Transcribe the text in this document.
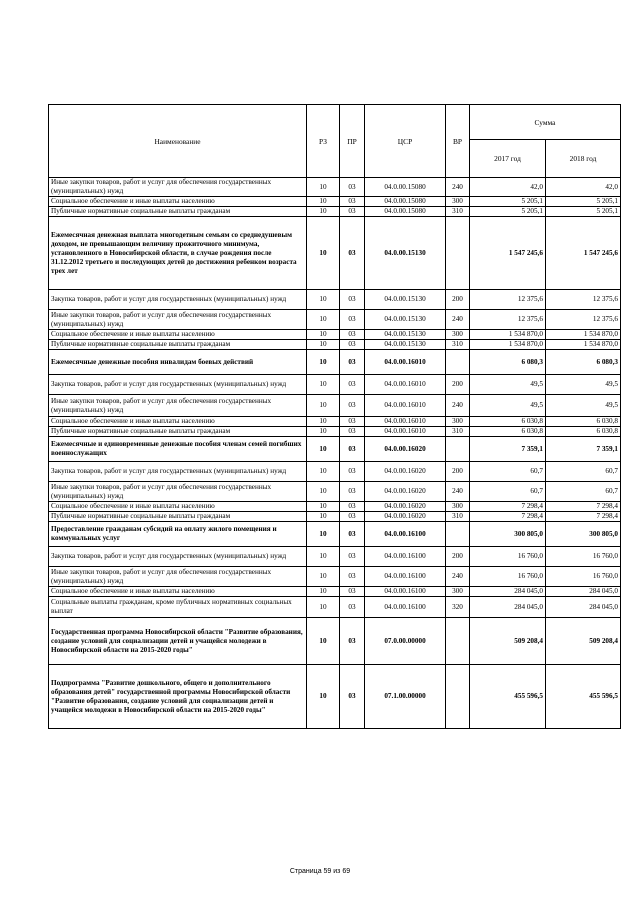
Наименование	РЗ	ПР	ЦСР	ВР	Сумма	
					2017 год	2018 год
Иные закупки товаров, работ и услуг для обеспечения государственных (муниципальных) нужд	10	03	04.0.00.15080	240	42,0	42,0
Социальное обеспечение и иные выплаты населению	10	03	04.0.00.15080	300	5 205,1	5 205,1
Публичные нормативные социальные выплаты гражданам	10	03	04.0.00.15080	310	5 205,1	5 205,1
Ежемесячная денежная выплата многодетным семьям со среднедушевым доходом, не превышающим величину прожиточного минимума, установленного в Новосибирской области, в случае рождения после 31.12.2012 третьего и последующих детей до достижения ребенком возраста трех лет	10	03	04.0.00.15130		1 547 245,6	1 547 245,6
Закупка товаров, работ и услуг для государственных (муниципальных) нужд	10	03	04.0.00.15130	200	12 375,6	12 375,6
Иные закупки товаров, работ и услуг для обеспечения государственных (муниципальных) нужд	10	03	04.0.00.15130	240	12 375,6	12 375,6
Социальное обеспечение и иные выплаты населению	10	03	04.0.00.15130	300	1 534 870,0	1 534 870,0
Публичные нормативные социальные выплаты гражданам	10	03	04.0.00.15130	310	1 534 870,0	1 534 870,0
Ежемесячные денежные пособия инвалидам боевых действий	10	03	04.0.00.16010		6 080,3	6 080,3
Закупка товаров, работ и услуг для государственных (муниципальных) нужд	10	03	04.0.00.16010	200	49,5	49,5
Иные закупки товаров, работ и услуг для обеспечения государственных (муниципальных) нужд	10	03	04.0.00.16010	240	49,5	49,5
Социальное обеспечение и иные выплаты населению	10	03	04.0.00.16010	300	6 030,8	6 030,8
Публичные нормативные социальные выплаты гражданам	10	03	04.0.00.16010	310	6 030,8	6 030,8
Ежемесячные и единовременные денежные пособия членам семей погибших военнослужащих	10	03	04.0.00.16020		7 359,1	7 359,1
Закупка товаров, работ и услуг для государственных (муниципальных) нужд	10	03	04.0.00.16020	200	60,7	60,7
Иные закупки товаров, работ и услуг для обеспечения государственных (муниципальных) нужд	10	03	04.0.00.16020	240	60,7	60,7
Социальное обеспечение и иные выплаты населению	10	03	04.0.00.16020	300	7 298,4	7 298,4
Публичные нормативные социальные выплаты гражданам	10	03	04.0.00.16020	310	7 298,4	7 298,4
Предоставление гражданам субсидий на оплату жилого помещения и коммунальных услуг	10	03	04.0.00.16100		300 805,0	300 805,0
Закупка товаров, работ и услуг для государственных (муниципальных) нужд	10	03	04.0.00.16100	200	16 760,0	16 760,0
Иные закупки товаров, работ и услуг для обеспечения государственных (муниципальных) нужд	10	03	04.0.00.16100	240	16 760,0	16 760,0
Социальное обеспечение и иные выплаты населению	10	03	04.0.00.16100	300	284 045,0	284 045,0
Социальные выплаты гражданам, кроме публичных нормативных социальных выплат	10	03	04.0.00.16100	320	284 045,0	284 045,0
Государственная программа Новосибирской области "Развитие образования, создание условий для социализации детей и учащейся молодежи в Новосибирской области на 2015-2020 годы"	10	03	07.0.00.00000		509 208,4	509 208,4
Подпрограмма "Развитие дошкольного, общего и дополнительного образования детей" государственной программы Новосибирской области "Развитие образования, создание условий для социализации детей и учащейся молодежи в Новосибирской области на 2015-2020 годы"	10	03	07.1.00.00000		455 596,5	455 596,5
Страница 59 из 69
